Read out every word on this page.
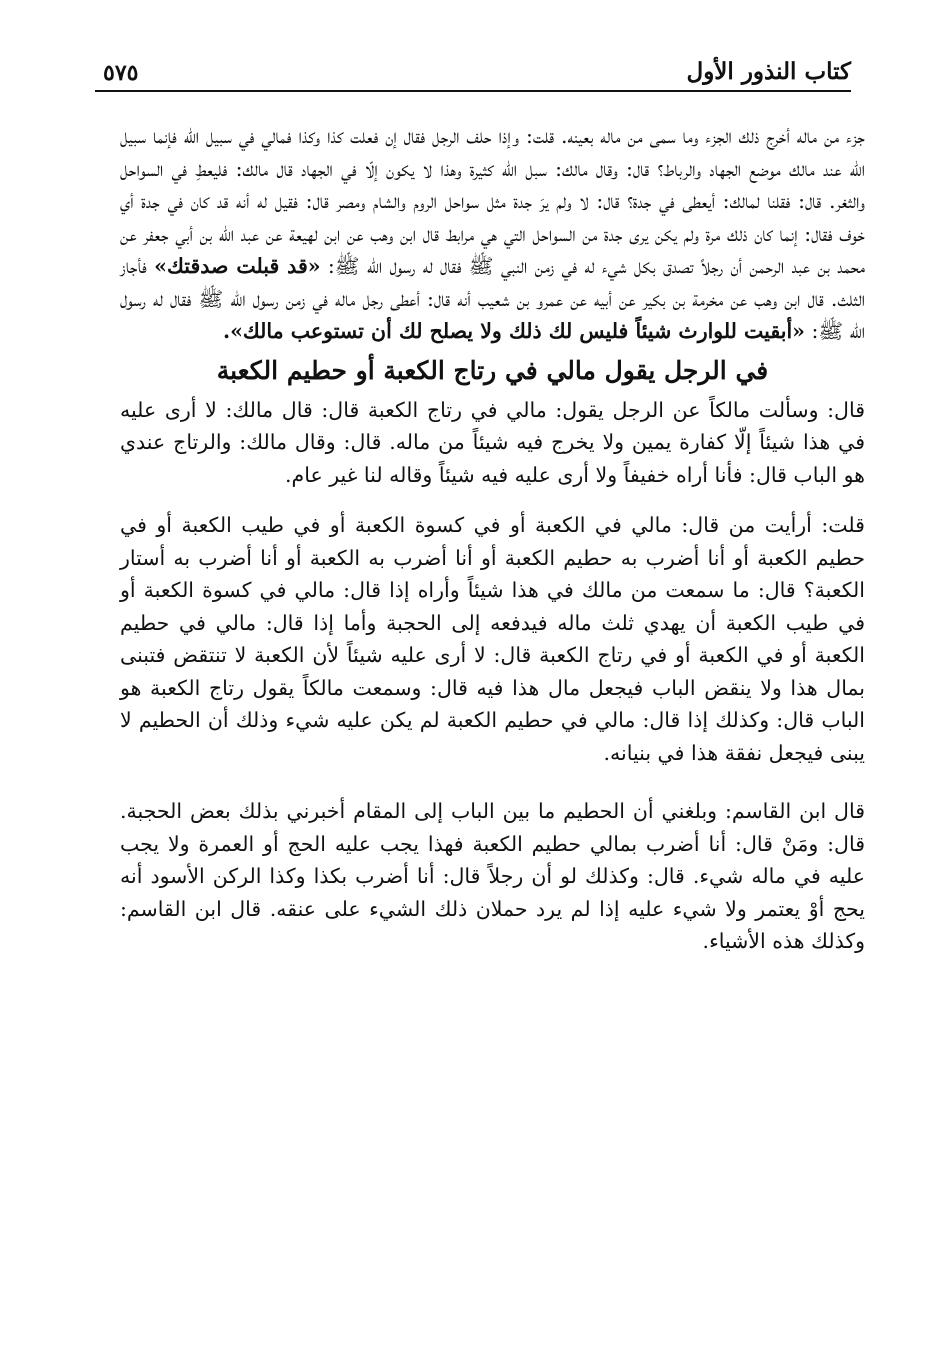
كتاب النذور الأول
٥٧٥

جزء من ماله أخرج ذلك الجزء وما سمى من ماله بعينه. قلت: وإذا حلف الرجل فقال إن فعلت كذا وكذا فمالي في سبيل الله فإنما سبيل الله عند مالك موضع الجهاد والرباط؟ قال: وقال مالك: سبل الله كثيرة وهذا لا يكون إلّا في الجهاد قال مالك: فليعطِ في السواحل والثغر. قال: فقلنا لمالك: أيعطى في جدة؟ قال: لا ولم يرَ جدة مثل سواحل الروم والشام ومصر قال: فقيل له أنه قد كان في جدة أي خوف فقال: إنما كان ذلك مرة ولم يكن يرى جدة من السواحل التي هي مرابط قال ابن وهب عن ابن لهيعة عن عبد الله بن أبي جعفر عن محمد بن عبد الرحمن أن رجلاً تصدق بكل شيء له في زمن النبي ﷺ فقال له رسول الله ﷺ: «قد قبلت صدقتك» فأجاز الثلث. قال ابن وهب عن مخرمة بن بكير عن أبيه عن عمرو بن شعيب أنه قال: أعطى رجل ماله في زمن رسول الله ﷺ فقال له رسول الله ﷺ: «أبقيت للوارث شيئاً فليس لك ذلك ولا يصلح لك أن تستوعب مالك».

في الرجل يقول مالي في رتاج الكعبة أو حطيم الكعبة

قال: وسألت مالكاً عن الرجل يقول: مالي في رتاج الكعبة قال: قال مالك: لا أرى عليه في هذا شيئاً إلّا كفارة يمين ولا يخرج فيه شيئاً من ماله. قال: وقال مالك: والرتاج عندي هو الباب قال: فأنا أراه خفيفاً ولا أرى عليه فيه شيئاً وقاله لنا غير عام.

قلت: أرأيت من قال: مالي في الكعبة أو في كسوة الكعبة أو في طيب الكعبة أو في حطيم الكعبة أو أنا أضرب به حطيم الكعبة أو أنا أضرب به الكعبة أو أنا أضرب به أستار الكعبة؟ قال: ما سمعت من مالك في هذا شيئاً وأراه إذا قال: مالي في كسوة الكعبة أو في طيب الكعبة أن يهدي ثلث ماله فيدفعه إلى الحجبة وأما إذا قال: مالي في حطيم الكعبة أو في الكعبة أو في رتاج الكعبة قال: لا أرى عليه شيئاً لأن الكعبة لا تنتقض فتبنى بمال هذا ولا ينقض الباب فيجعل مال هذا فيه قال: وسمعت مالكاً يقول رتاج الكعبة هو الباب قال: وكذلك إذا قال: مالي في حطيم الكعبة لم يكن عليه شيء وذلك أن الحطيم لا يبنى فيجعل نفقة هذا في بنيانه.

قال ابن القاسم: وبلغني أن الحطيم ما بين الباب إلى المقام أخبرني بذلك بعض الحجبة. قال: ومَنْ قال: أنا أضرب بمالي حطيم الكعبة فهذا يجب عليه الحج أو العمرة ولا يجب عليه في ماله شيء. قال: وكذلك لو أن رجلاً قال: أنا أضرب بكذا وكذا الركن الأسود أنه يحج أوْ يعتمر ولا شيء عليه إذا لم يرد حملان ذلك الشيء على عنقه. قال ابن القاسم: وكذلك هذه الأشياء.
